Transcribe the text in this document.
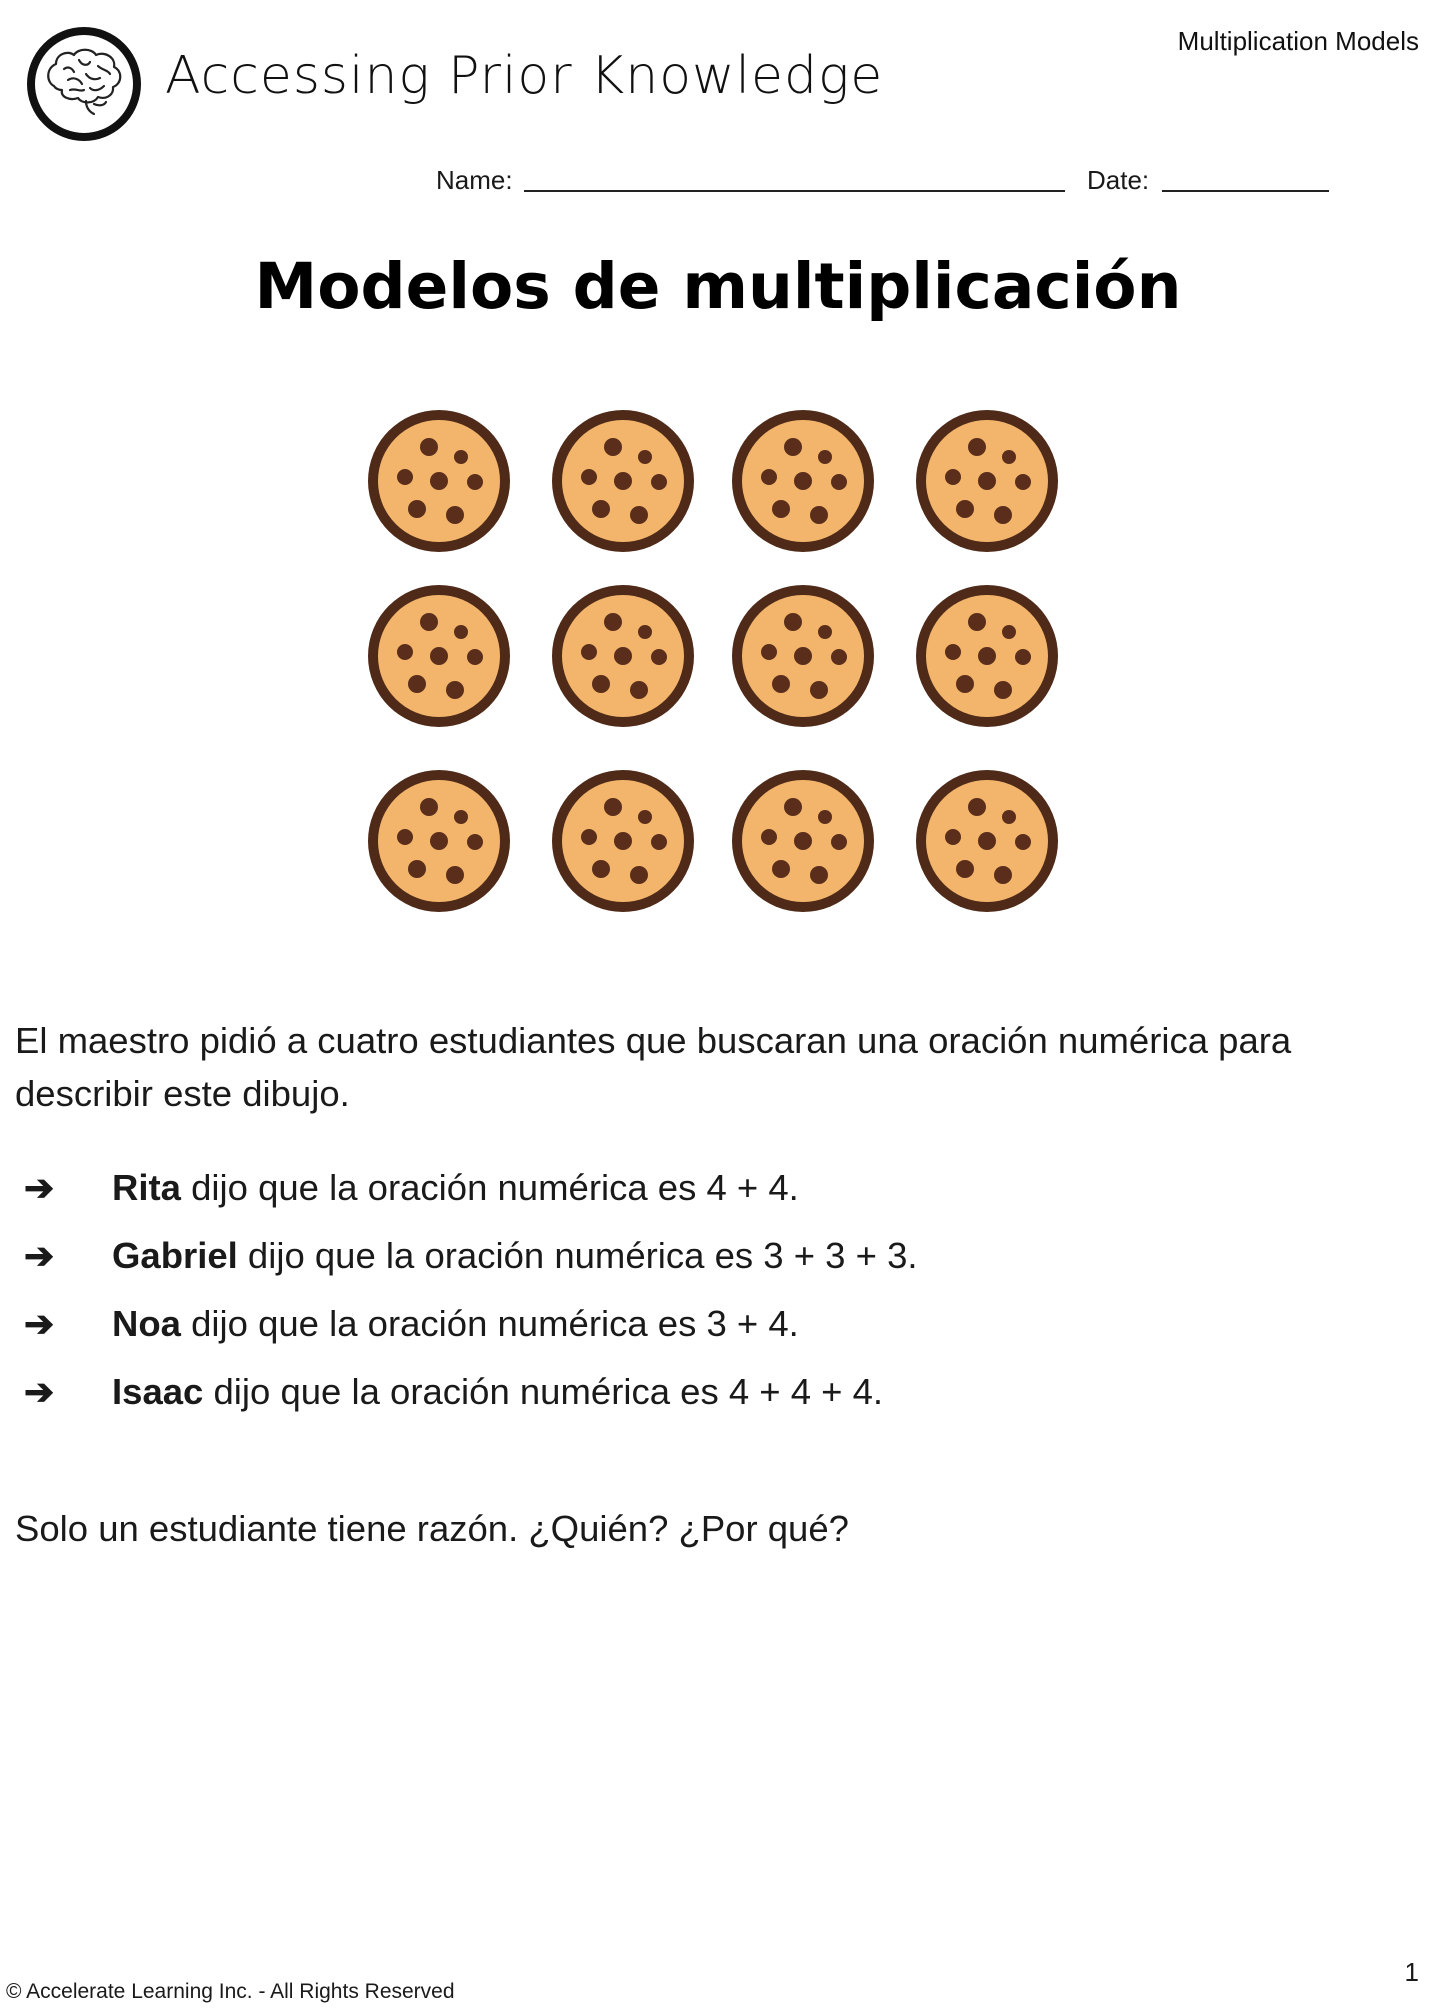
Accessing Prior Knowledge
Multiplication Models
Name:	Date:
Modelos de multiplicación
El maestro pidió a cuatro estudiantes que buscaran una oración numérica para describir este dibujo.
➔ Rita dijo que la oración numérica es 4 + 4.
➔ Gabriel dijo que la oración numérica es 3 + 3 + 3.
➔ Noa dijo que la oración numérica es 3 + 4.
➔ Isaac dijo que la oración numérica es 4 + 4 + 4.
Solo un estudiante tiene razón. ¿Quién? ¿Por qué?
© Accelerate Learning Inc. - All Rights Reserved
1
